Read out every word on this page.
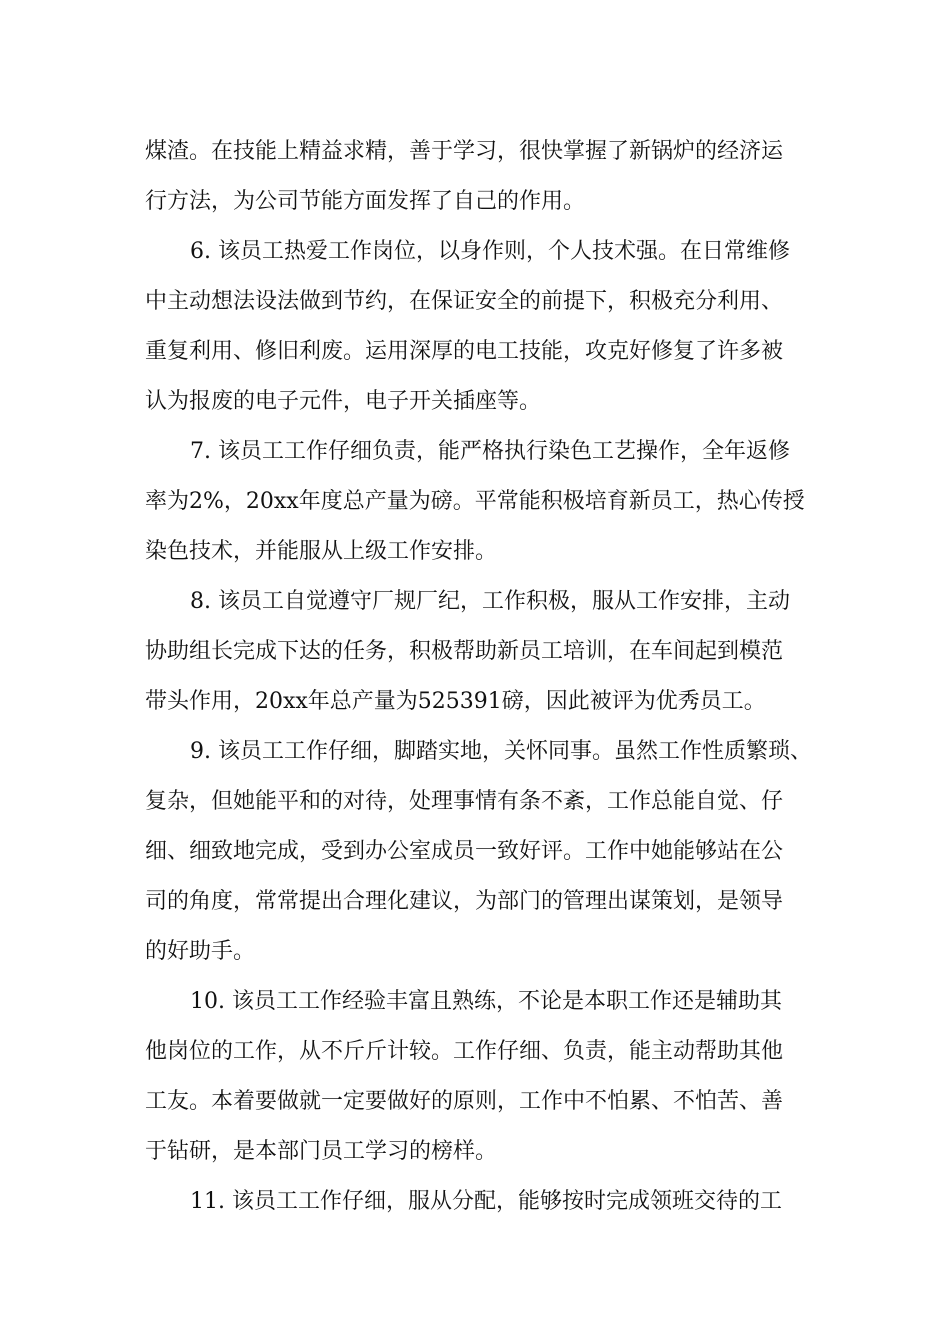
煤渣。在技能上精益求精，善于学习，很快掌握了新锅炉的经济运
行方法，为公司节能方面发挥了自己的作用。
6. 该员工热爱工作岗位，以身作则，个人技术强。在日常维修
中主动想法设法做到节约，在保证安全的前提下，积极充分利用、
重复利用、修旧利废。运用深厚的电工技能，攻克好修复了许多被
认为报废的电子元件，电子开关插座等。
7. 该员工工作仔细负责，能严格执行染色工艺操作，全年返修
率为2%，20xx年度总产量为磅。平常能积极培育新员工，热心传授
染色技术，并能服从上级工作安排。
8. 该员工自觉遵守厂规厂纪，工作积极，服从工作安排，主动
协助组长完成下达的任务，积极帮助新员工培训，在车间起到模范
带头作用，20xx年总产量为525391磅，因此被评为优秀员工。
9. 该员工工作仔细，脚踏实地，关怀同事。虽然工作性质繁琐、
复杂，但她能平和的对待，处理事情有条不紊，工作总能自觉、仔
细、细致地完成，受到办公室成员一致好评。工作中她能够站在公
司的角度，常常提出合理化建议，为部门的管理出谋策划，是领导
的好助手。
10. 该员工工作经验丰富且熟练，不论是本职工作还是辅助其
他岗位的工作，从不斤斤计较。工作仔细、负责，能主动帮助其他
工友。本着要做就一定要做好的原则，工作中不怕累、不怕苦、善
于钻研，是本部门员工学习的榜样。
11. 该员工工作仔细，服从分配，能够按时完成领班交待的工
